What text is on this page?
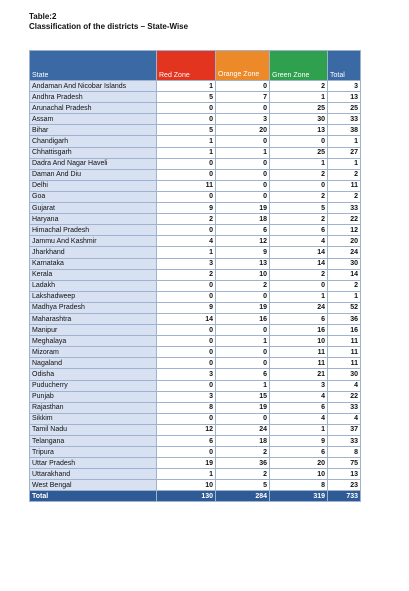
Table:2
Classification of the districts – State-Wise
State	Red Zone	Orange Zone	Green Zone	Total
Andaman And Nicobar Islands	1	0	2	3
Andhra Pradesh	5	7	1	13
Arunachal Pradesh	0	0	25	25
Assam	0	3	30	33
Bihar	5	20	13	38
Chandigarh	1	0	0	1
Chhattisgarh	1	1	25	27
Dadra And Nagar Haveli	0	0	1	1
Daman And Diu	0	0	2	2
Delhi	11	0	0	11
Goa	0	0	2	2
Gujarat	9	19	5	33
Haryana	2	18	2	22
Himachal Pradesh	0	6	6	12
Jammu And Kashmir	4	12	4	20
Jharkhand	1	9	14	24
Karnataka	3	13	14	30
Kerala	2	10	2	14
Ladakh	0	2	0	2
Lakshadweep	0	0	1	1
Madhya Pradesh	9	19	24	52
Maharashtra	14	16	6	36
Manipur	0	0	16	16
Meghalaya	0	1	10	11
Mizoram	0	0	11	11
Nagaland	0	0	11	11
Odisha	3	6	21	30
Puducherry	0	1	3	4
Punjab	3	15	4	22
Rajasthan	8	19	6	33
Sikkim	0	0	4	4
Tamil Nadu	12	24	1	37
Telangana	6	18	9	33
Tripura	0	2	6	8
Uttar Pradesh	19	36	20	75
Uttarakhand	1	2	10	13
West Bengal	10	5	8	23
Total	130	284	319	733
